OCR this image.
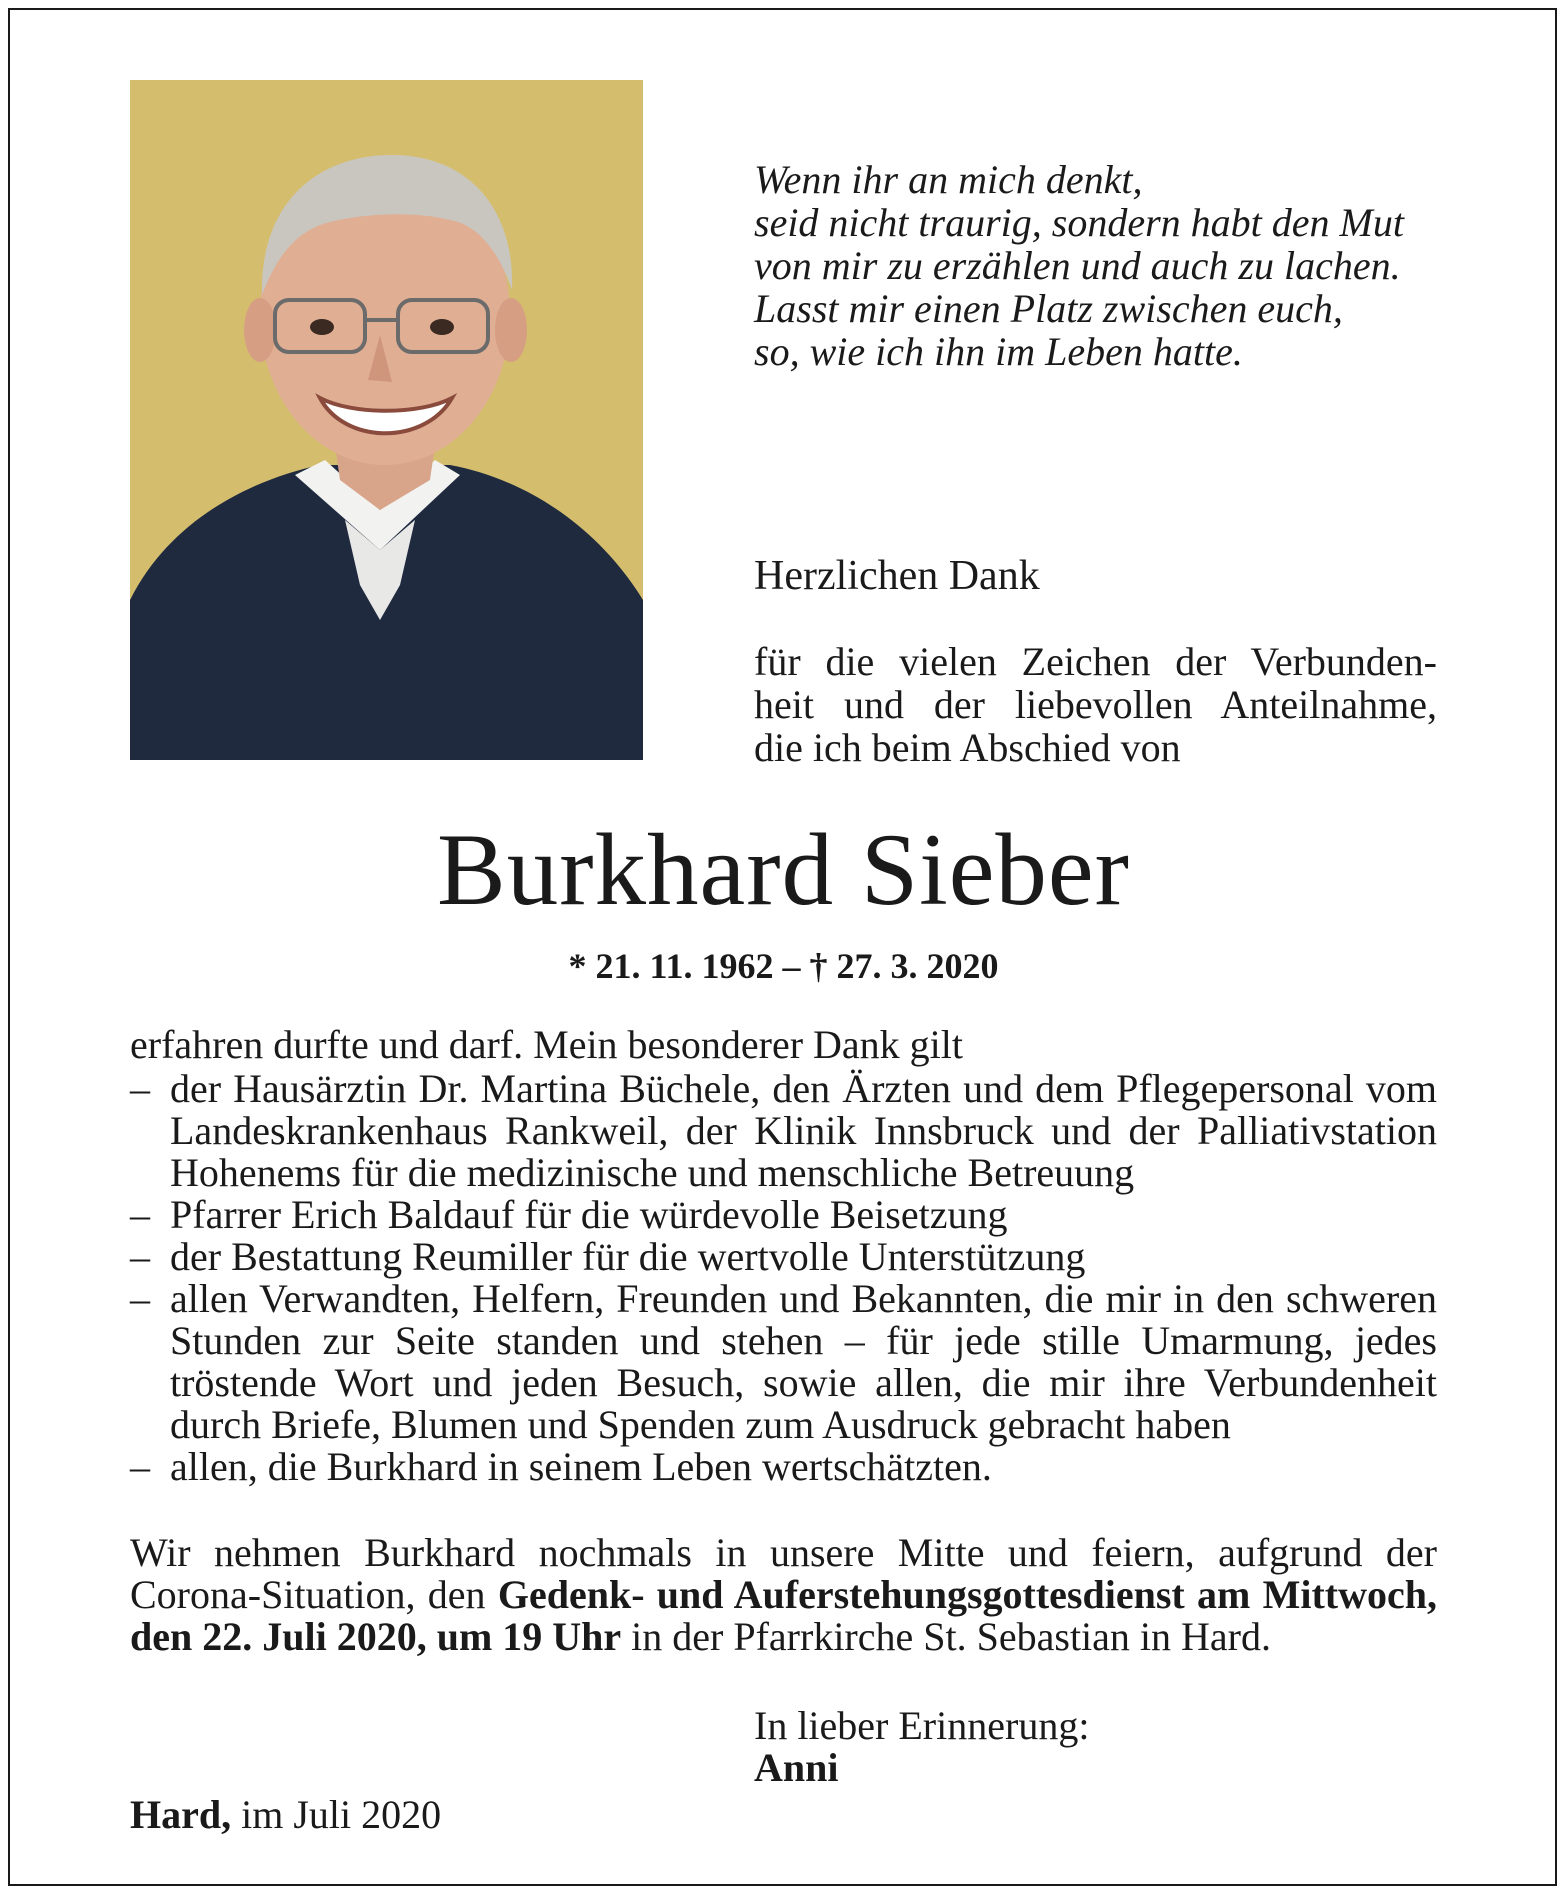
Wenn ihr an mich denkt,
seid nicht traurig, sondern habt den Mut
von mir zu erzählen und auch zu lachen.
Lasst mir einen Platz zwischen euch,
so, wie ich ihn im Leben hatte.
Herzlichen Dank
für die vielen Zeichen der Verbunden-
heit und der liebevollen Anteilnahme,
die ich beim Abschied von
Burkhard Sieber
* 21. 11. 1962 – † 27. 3. 2020
erfahren durfte und darf. Mein besonderer Dank gilt
– der Hausärztin Dr. Martina Büchele, den Ärzten und dem Pflegepersonal vom Landeskrankenhaus Rankweil, der Klinik Innsbruck und der Palliativstation Hohenems für die medizinische und menschliche Betreuung
– Pfarrer Erich Baldauf für die würdevolle Beisetzung
– der Bestattung Reumiller für die wertvolle Unterstützung
– allen Verwandten, Helfern, Freunden und Bekannten, die mir in den schweren Stunden zur Seite standen und stehen – für jede stille Umarmung, jedes tröstende Wort und jeden Besuch, sowie allen, die mir ihre Verbundenheit durch Briefe, Blumen und Spenden zum Ausdruck gebracht haben
– allen, die Burkhard in seinem Leben wertschätzten.
Wir nehmen Burkhard nochmals in unsere Mitte und feiern, aufgrund der Corona-Situation, den Gedenk- und Auferstehungsgottesdienst am Mittwoch, den 22. Juli 2020, um 19 Uhr in der Pfarrkirche St. Sebastian in Hard.
In lieber Erinnerung:
Anni
Hard, im Juli 2020
